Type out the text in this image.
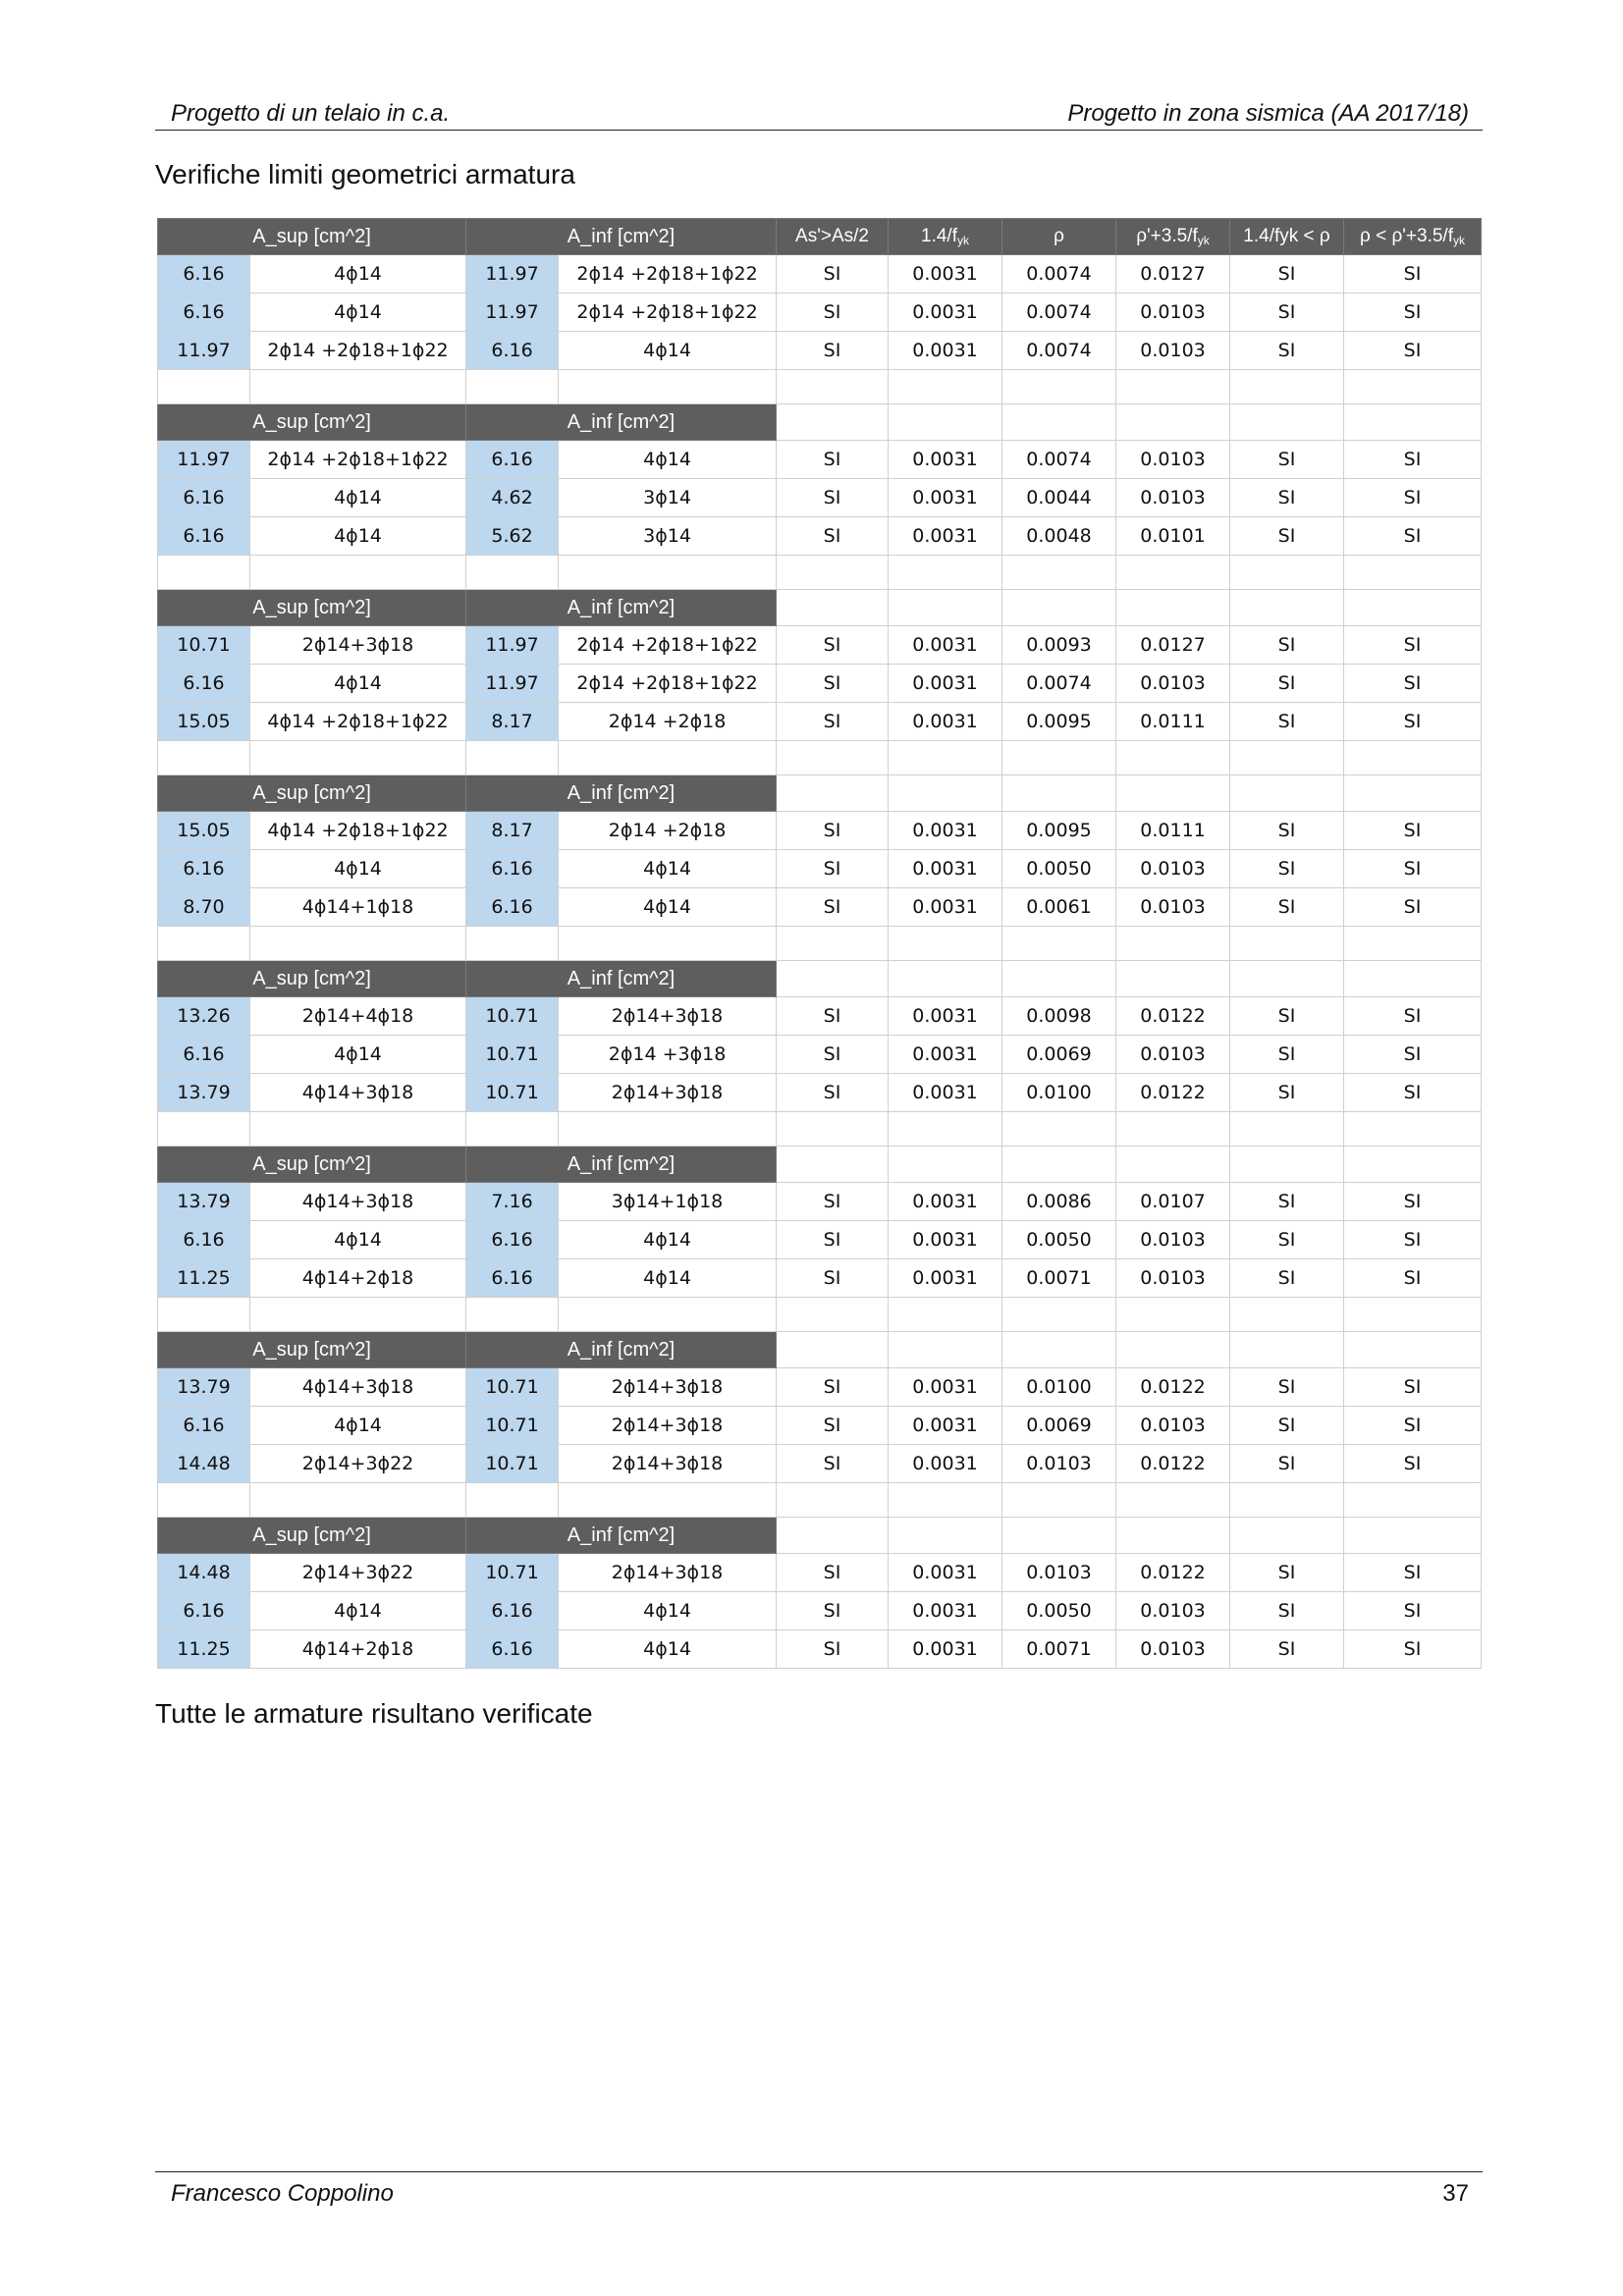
Progetto di un telaio in c.a.	Progetto in zona sismica (AA 2017/18)
Verifiche limiti geometrici armatura
A_sup [cm^2]		A_inf [cm^2]		As'>As/2	$1.4/f_{yk}$	ρ	$\rho'+3.5/f_{yk}$	1.4/fyk < ρ	$\rho < \rho'+3.5/f_{yk}$
6.16	4ϕ14	11.97	2ϕ14 +2ϕ18+1ϕ22	SI	0.0031	0.0074	0.0127	SI	SI
6.16	4ϕ14	11.97	2ϕ14 +2ϕ18+1ϕ22	SI	0.0031	0.0074	0.0103	SI	SI
11.97	2ϕ14 +2ϕ18+1ϕ22	6.16	4ϕ14	SI	0.0031	0.0074	0.0103	SI	SI

A_sup [cm^2]		A_inf [cm^2]							
11.97	2ϕ14 +2ϕ18+1ϕ22	6.16	4ϕ14	SI	0.0031	0.0074	0.0103	SI	SI
6.16	4ϕ14	4.62	3ϕ14	SI	0.0031	0.0044	0.0103	SI	SI
6.16	4ϕ14	5.62	3ϕ14	SI	0.0031	0.0048	0.0101	SI	SI

A_sup [cm^2]		A_inf [cm^2]							
10.71	2ϕ14+3ϕ18	11.97	2ϕ14 +2ϕ18+1ϕ22	SI	0.0031	0.0093	0.0127	SI	SI
6.16	4ϕ14	11.97	2ϕ14 +2ϕ18+1ϕ22	SI	0.0031	0.0074	0.0103	SI	SI
15.05	4ϕ14 +2ϕ18+1ϕ22	8.17	2ϕ14 +2ϕ18	SI	0.0031	0.0095	0.0111	SI	SI

A_sup [cm^2]		A_inf [cm^2]							
15.05	4ϕ14 +2ϕ18+1ϕ22	8.17	2ϕ14 +2ϕ18	SI	0.0031	0.0095	0.0111	SI	SI
6.16	4ϕ14	6.16	4ϕ14	SI	0.0031	0.0050	0.0103	SI	SI
8.70	4ϕ14+1ϕ18	6.16	4ϕ14	SI	0.0031	0.0061	0.0103	SI	SI

A_sup [cm^2]		A_inf [cm^2]							
13.26	2ϕ14+4ϕ18	10.71	2ϕ14+3ϕ18	SI	0.0031	0.0098	0.0122	SI	SI
6.16	4ϕ14	10.71	2ϕ14 +3ϕ18	SI	0.0031	0.0069	0.0103	SI	SI
13.79	4ϕ14+3ϕ18	10.71	2ϕ14+3ϕ18	SI	0.0031	0.0100	0.0122	SI	SI

A_sup [cm^2]		A_inf [cm^2]							
13.79	4ϕ14+3ϕ18	7.16	3ϕ14+1ϕ18	SI	0.0031	0.0086	0.0107	SI	SI
6.16	4ϕ14	6.16	4ϕ14	SI	0.0031	0.0050	0.0103	SI	SI
11.25	4ϕ14+2ϕ18	6.16	4ϕ14	SI	0.0031	0.0071	0.0103	SI	SI

A_sup [cm^2]		A_inf [cm^2]							
13.79	4ϕ14+3ϕ18	10.71	2ϕ14+3ϕ18	SI	0.0031	0.0100	0.0122	SI	SI
6.16	4ϕ14	10.71	2ϕ14+3ϕ18	SI	0.0031	0.0069	0.0103	SI	SI
14.48	2ϕ14+3ϕ22	10.71	2ϕ14+3ϕ18	SI	0.0031	0.0103	0.0122	SI	SI

A_sup [cm^2]		A_inf [cm^2]							
14.48	2ϕ14+3ϕ22	10.71	2ϕ14+3ϕ18	SI	0.0031	0.0103	0.0122	SI	SI
6.16	4ϕ14	6.16	4ϕ14	SI	0.0031	0.0050	0.0103	SI	SI
11.25	4ϕ14+2ϕ18	6.16	4ϕ14	SI	0.0031	0.0071	0.0103	SI	SI
Tutte le armature risultano verificate
Francesco Coppolino	37
